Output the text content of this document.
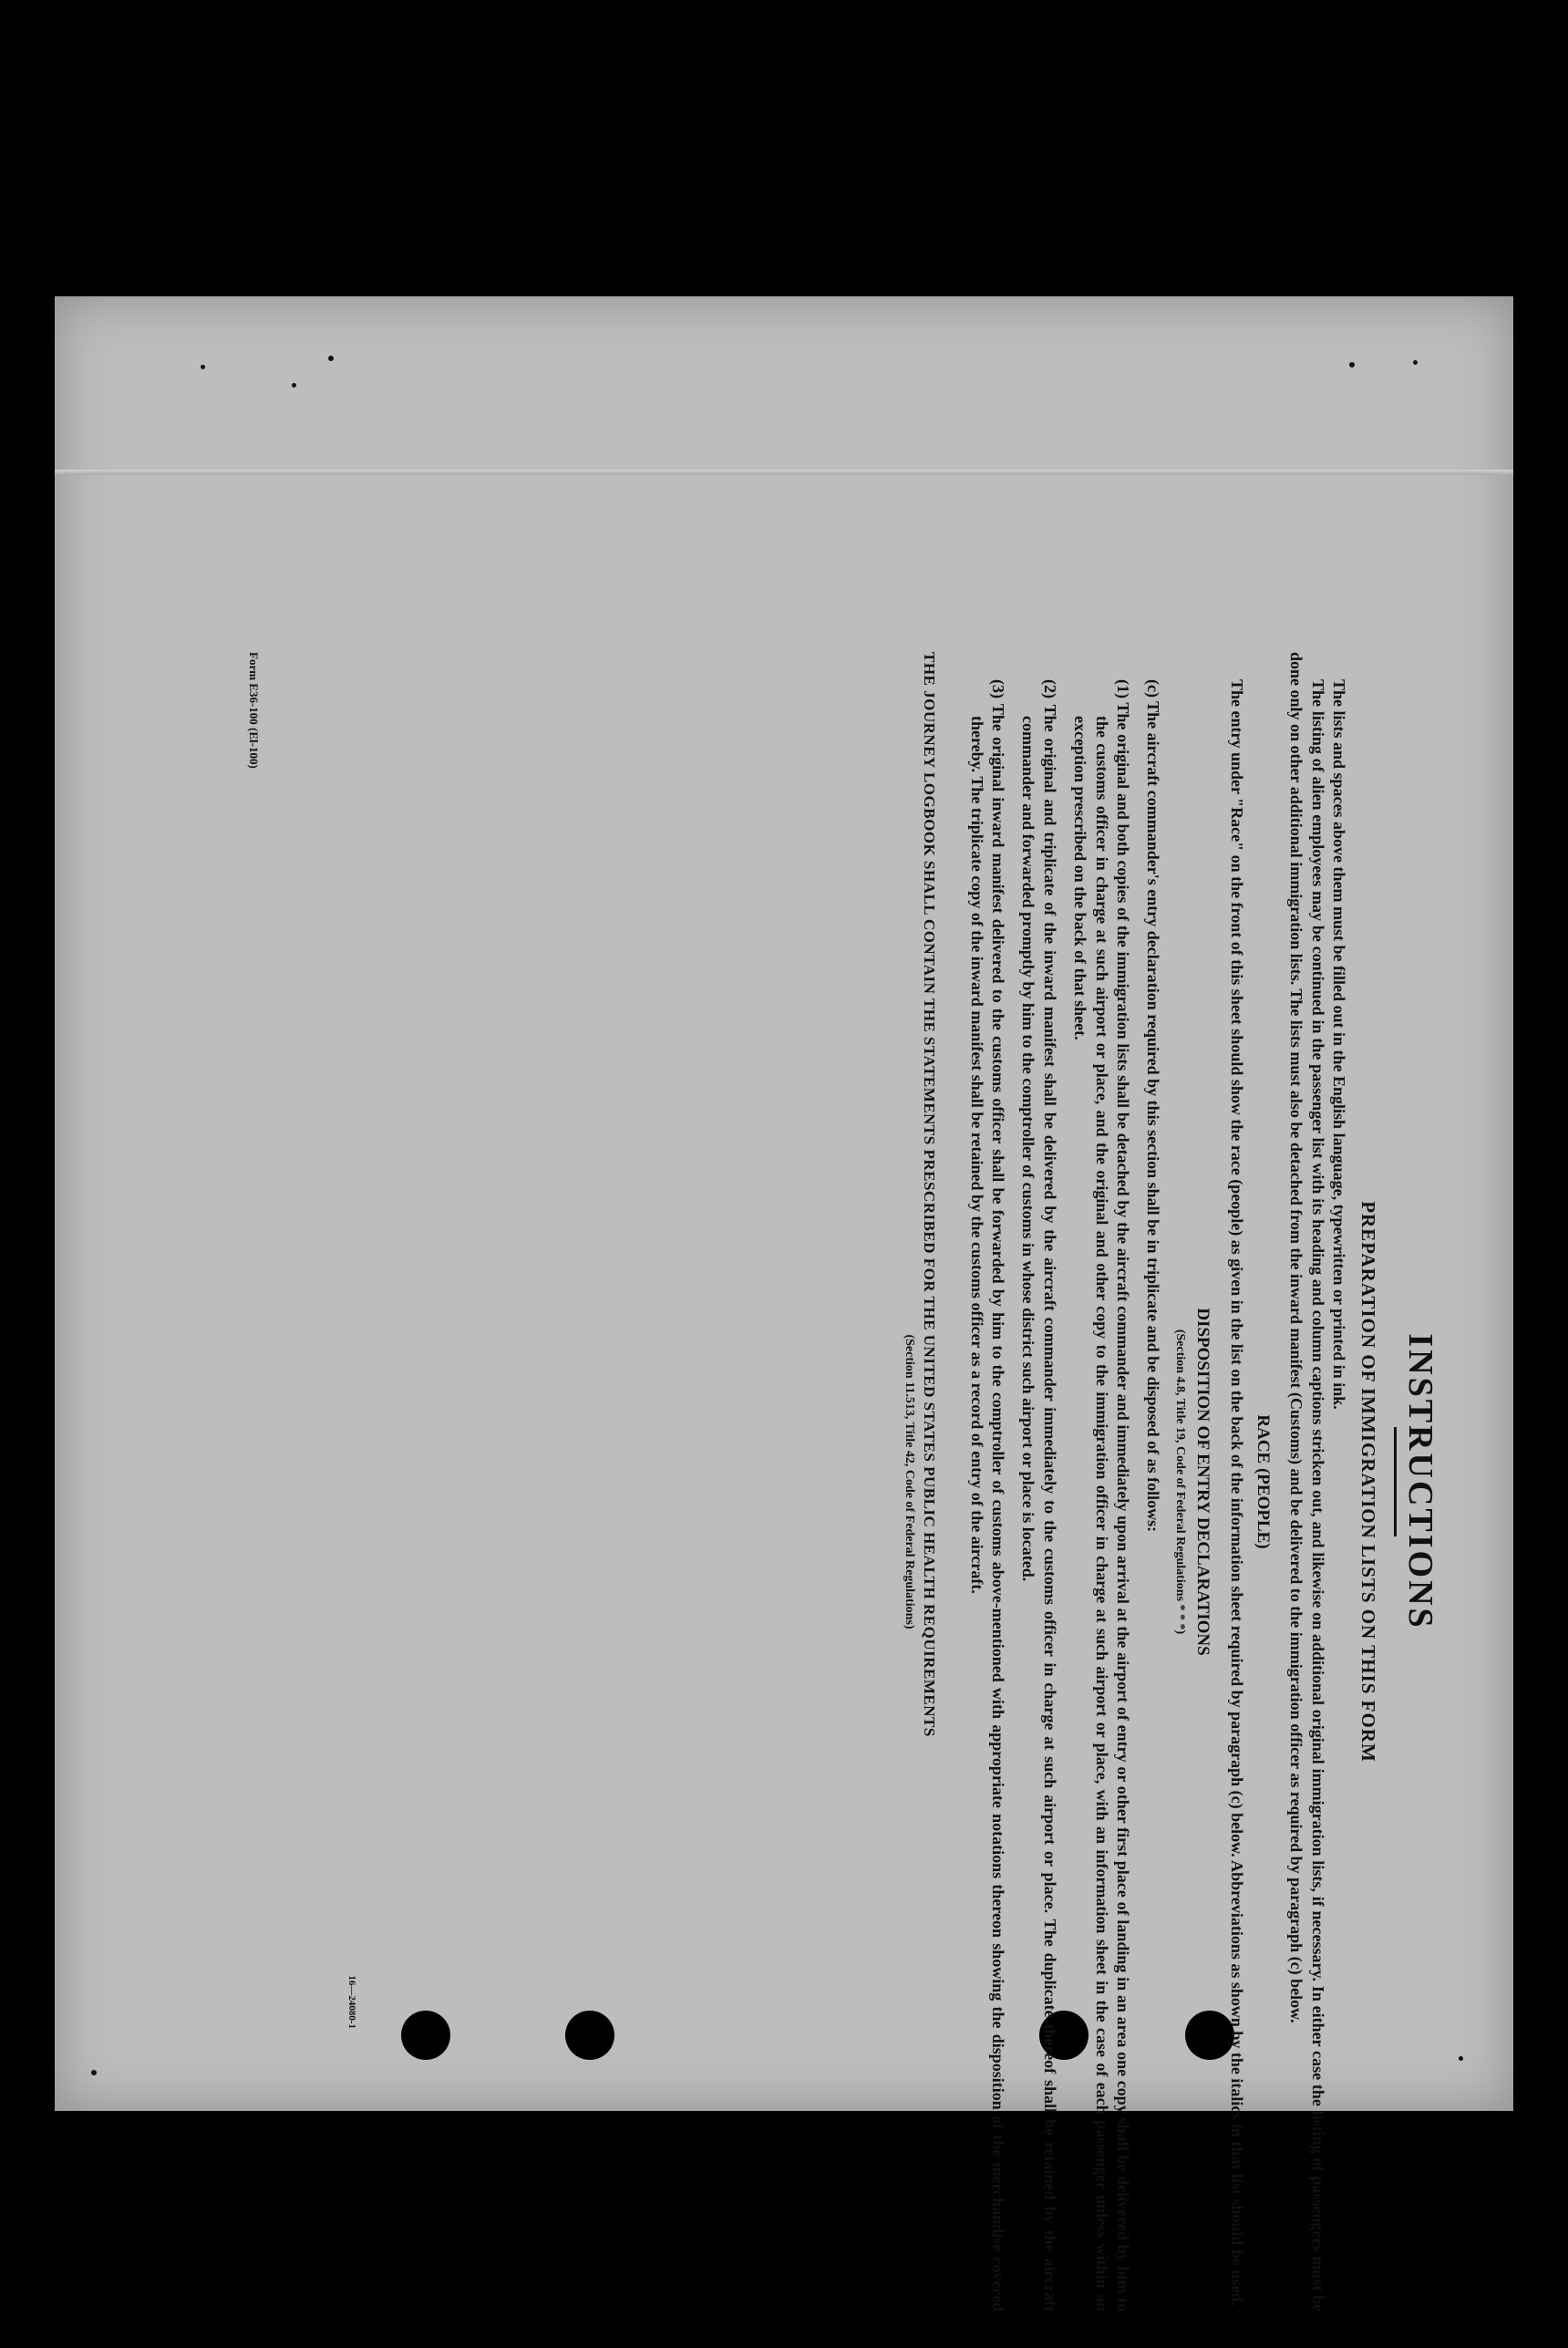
INSTRUCTIONS
PREPARATION OF IMMIGRATION LISTS ON THIS FORM

The lists and spaces above them must be filled out in the English language, typewritten or printed in ink.

The listing of alien employees may be continued in the passenger list with its heading and column captions stricken out, and likewise on additional original immigration lists, if necessary. In either case the listing of passengers must be done only on other additional immigration lists. The lists must also be detached from the inward manifest (Customs) and be delivered to the immigration officer as required by paragraph (c) below.

RACE (PEOPLE)

The entry under "Race" on the front of this sheet should show the race (people) as given in the list on the back of the information sheet required by paragraph (c) below. Abbreviations as shown by the italics in that list should be used.

DISPOSITION OF ENTRY DECLARATIONS
(Section 4.8, Title 19, Code of Federal Regulations * * *)

(c) The aircraft commander's entry declaration required by this section shall be in triplicate and be disposed of as follows:

(1) The original and both copies of the immigration lists shall be detached by the aircraft commander and immediately upon arrival at the airport of entry or other first place of landing in an area one copy shall be delivered by him to the customs officer in charge at such airport or place, and the original and other copy to the immigration officer in charge at such airport or place, with an information sheet in the case of each passenger unless within an exception prescribed on the back of that sheet.

(2) The original and triplicate of the inward manifest shall be delivered by the aircraft commander immediately to the customs officer in charge at such airport or place. The duplicate thereof shall be retained by the aircraft commander and forwarded promptly by him to the comptroller of customs in whose district such airport or place is located.

(3) The original inward manifest delivered to the customs officer shall be forwarded by him to the comptroller of customs above-mentioned with appropriate notations thereon showing the disposition of the merchandise covered thereby. The triplicate copy of the inward manifest shall be retained by the customs officer as a record of entry of the aircraft.

THE JOURNEY LOGBOOK SHALL CONTAIN THE STATEMENTS PRESCRIBED FOR THE UNITED STATES PUBLIC HEALTH REQUIREMENTS

(Section 11.513, Title 42, Code of Federal Regulations)

Form E36-100 (El-100)
16—24080-1
